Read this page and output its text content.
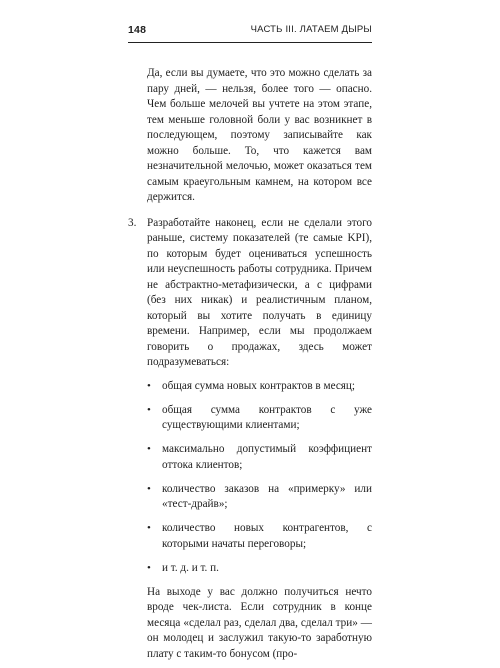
148	ЧАСТЬ III. ЛАТАЕМ ДЫРЫ

Да, если вы думаете, что это можно сделать за пару дней, — нельзя, более того — опасно. Чем больше мелочей вы учтете на этом этапе, тем меньше головной боли у вас возникнет в последующем, поэтому записывайте как можно больше. То, что кажется вам незначительной мелочью, может оказаться тем самым краеугольным камнем, на котором все держится.

3. Разработайте наконец, если не сделали этого раньше, систему показателей (те самые KPI), по которым будет оцениваться успешность или неуспешность работы сотрудника. Причем не абстрактно-метафизически, а с цифрами (без них никак) и реалистичным планом, который вы хотите получать в единицу времени. Например, если мы продолжаем говорить о продажах, здесь может подразумеваться:

• общая сумма новых контрактов в месяц;
• общая сумма контрактов с уже существующими клиентами;
• максимально допустимый коэффициент оттока клиентов;
• количество заказов на «примерку» или «тест-драйв»;
• количество новых контрагентов, с которыми начаты переговоры;
• и т. д. и т. п.

На выходе у вас должно получиться нечто вроде чек-листа. Если сотрудник в конце месяца «сделал раз, сделал два, сделал три» — он молодец и заслужил такую-то заработную плату с таким-то бонусом (про-
